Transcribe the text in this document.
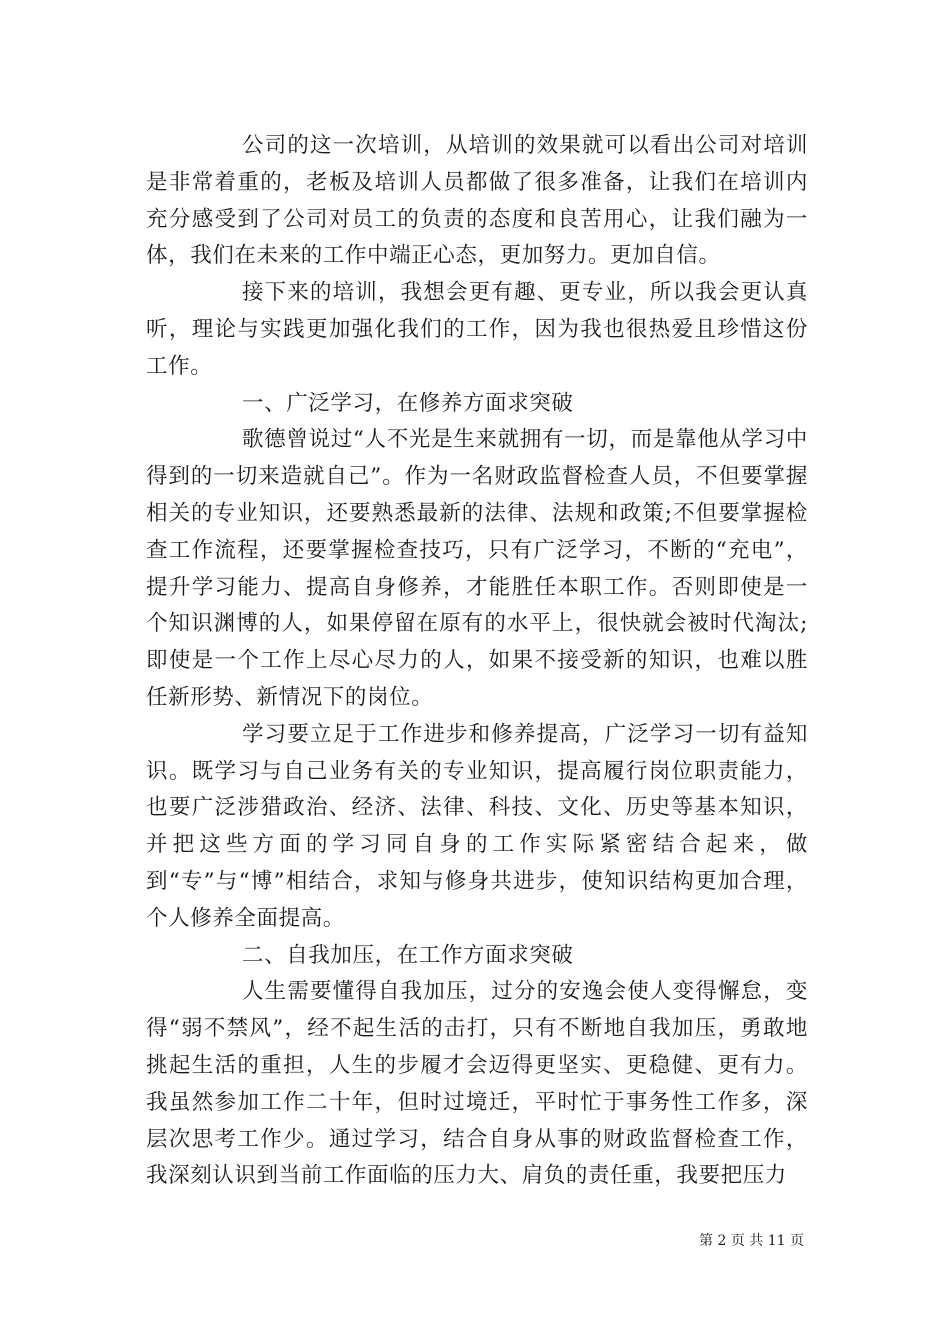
公司的这一次培训，从培训的效果就可以看出公司对培训是非常着重的，老板及培训人员都做了很多准备，让我们在培训内充分感受到了公司对员工的负责的态度和良苦用心，让我们融为一体，我们在未来的工作中端正心态，更加努力。更加自信。

接下来的培训，我想会更有趣、更专业，所以我会更认真听，理论与实践更加强化我们的工作，因为我也很热爱且珍惜这份工作。

一、广泛学习，在修养方面求突破

歌德曾说过“人不光是生来就拥有一切，而是靠他从学习中得到的一切来造就自己”。作为一名财政监督检查人员，不但要掌握相关的专业知识，还要熟悉最新的法律、法规和政策;不但要掌握检查工作流程，还要掌握检查技巧，只有广泛学习，不断的“充电”，提升学习能力、提高自身修养，才能胜任本职工作。否则即使是一个知识渊博的人，如果停留在原有的水平上，很快就会被时代淘汰;即使是一个工作上尽心尽力的人，如果不接受新的知识，也难以胜任新形势、新情况下的岗位。

学习要立足于工作进步和修养提高，广泛学习一切有益知识。既学习与自己业务有关的专业知识，提高履行岗位职责能力，也要广泛涉猎政治、经济、法律、科技、文化、历史等基本知识，并把这些方面的学习同自身的工作实际紧密结合起来，做到“专”与“博”相结合，求知与修身共进步，使知识结构更加合理，个人修养全面提高。

二、自我加压，在工作方面求突破

人生需要懂得自我加压，过分的安逸会使人变得懈怠，变得“弱不禁风”，经不起生活的击打，只有不断地自我加压，勇敢地挑起生活的重担，人生的步履才会迈得更坚实、更稳健、更有力。我虽然参加工作二十年，但时过境迁，平时忙于事务性工作多，深层次思考工作少。通过学习，结合自身从事的财政监督检查工作，我深刻认识到当前工作面临的压力大、肩负的责任重，我要把压力

第 2 页 共 11 页
